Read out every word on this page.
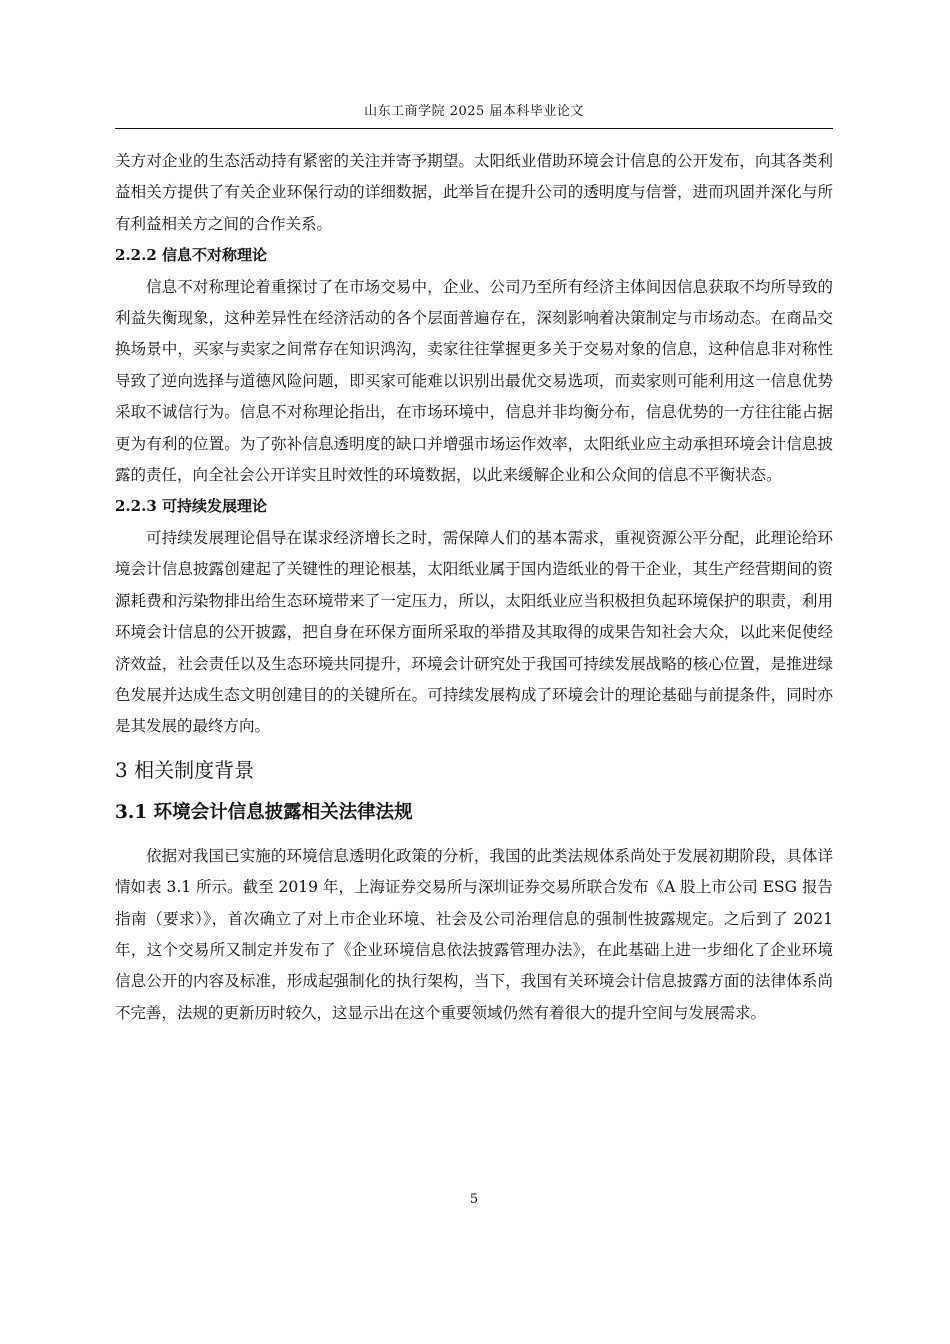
山东工商学院 2025 届本科毕业论文

关方对企业的生态活动持有紧密的关注并寄予期望。太阳纸业借助环境会计信息的公开发布，向其各类利益相关方提供了有关企业环保行动的详细数据，此举旨在提升公司的透明度与信誉，进而巩固并深化与所有利益相关方之间的合作关系。

2.2.2 信息不对称理论

信息不对称理论着重探讨了在市场交易中，企业、公司乃至所有经济主体间因信息获取不均所导致的利益失衡现象，这种差异性在经济活动的各个层面普遍存在，深刻影响着决策制定与市场动态。在商品交换场景中，买家与卖家之间常存在知识鸿沟，卖家往往掌握更多关于交易对象的信息，这种信息非对称性导致了逆向选择与道德风险问题，即买家可能难以识别出最优交易选项，而卖家则可能利用这一信息优势采取不诚信行为。信息不对称理论指出，在市场环境中，信息并非均衡分布，信息优势的一方往往能占据更为有利的位置。为了弥补信息透明度的缺口并增强市场运作效率，太阳纸业应主动承担环境会计信息披露的责任，向全社会公开详实且时效性的环境数据，以此来缓解企业和公众间的信息不平衡状态。

2.2.3 可持续发展理论

可持续发展理论倡导在谋求经济增长之时，需保障人们的基本需求，重视资源公平分配，此理论给环境会计信息披露创建起了关键性的理论根基，太阳纸业属于国内造纸业的骨干企业，其生产经营期间的资源耗费和污染物排出给生态环境带来了一定压力，所以，太阳纸业应当积极担负起环境保护的职责，利用环境会计信息的公开披露，把自身在环保方面所采取的举措及其取得的成果告知社会大众，以此来促使经济效益，社会责任以及生态环境共同提升，环境会计研究处于我国可持续发展战略的核心位置，是推进绿色发展并达成生态文明创建目的的关键所在。可持续发展构成了环境会计的理论基础与前提条件，同时亦是其发展的最终方向。

3 相关制度背景
3.1 环境会计信息披露相关法律法规

依据对我国已实施的环境信息透明化政策的分析，我国的此类法规体系尚处于发展初期阶段，具体详情如表 3.1 所示。截至 2019 年，上海证券交易所与深圳证券交易所联合发布《A 股上市公司 ESG 报告指南（要求）》，首次确立了对上市企业环境、社会及公司治理信息的强制性披露规定。之后到了 2021 年，这个交易所又制定并发布了《企业环境信息依法披露管理办法》，在此基础上进一步细化了企业环境信息公开的内容及标准，形成起强制化的执行架构，当下，我国有关环境会计信息披露方面的法律体系尚不完善，法规的更新历时较久，这显示出在这个重要领域仍然有着很大的提升空间与发展需求。

5
